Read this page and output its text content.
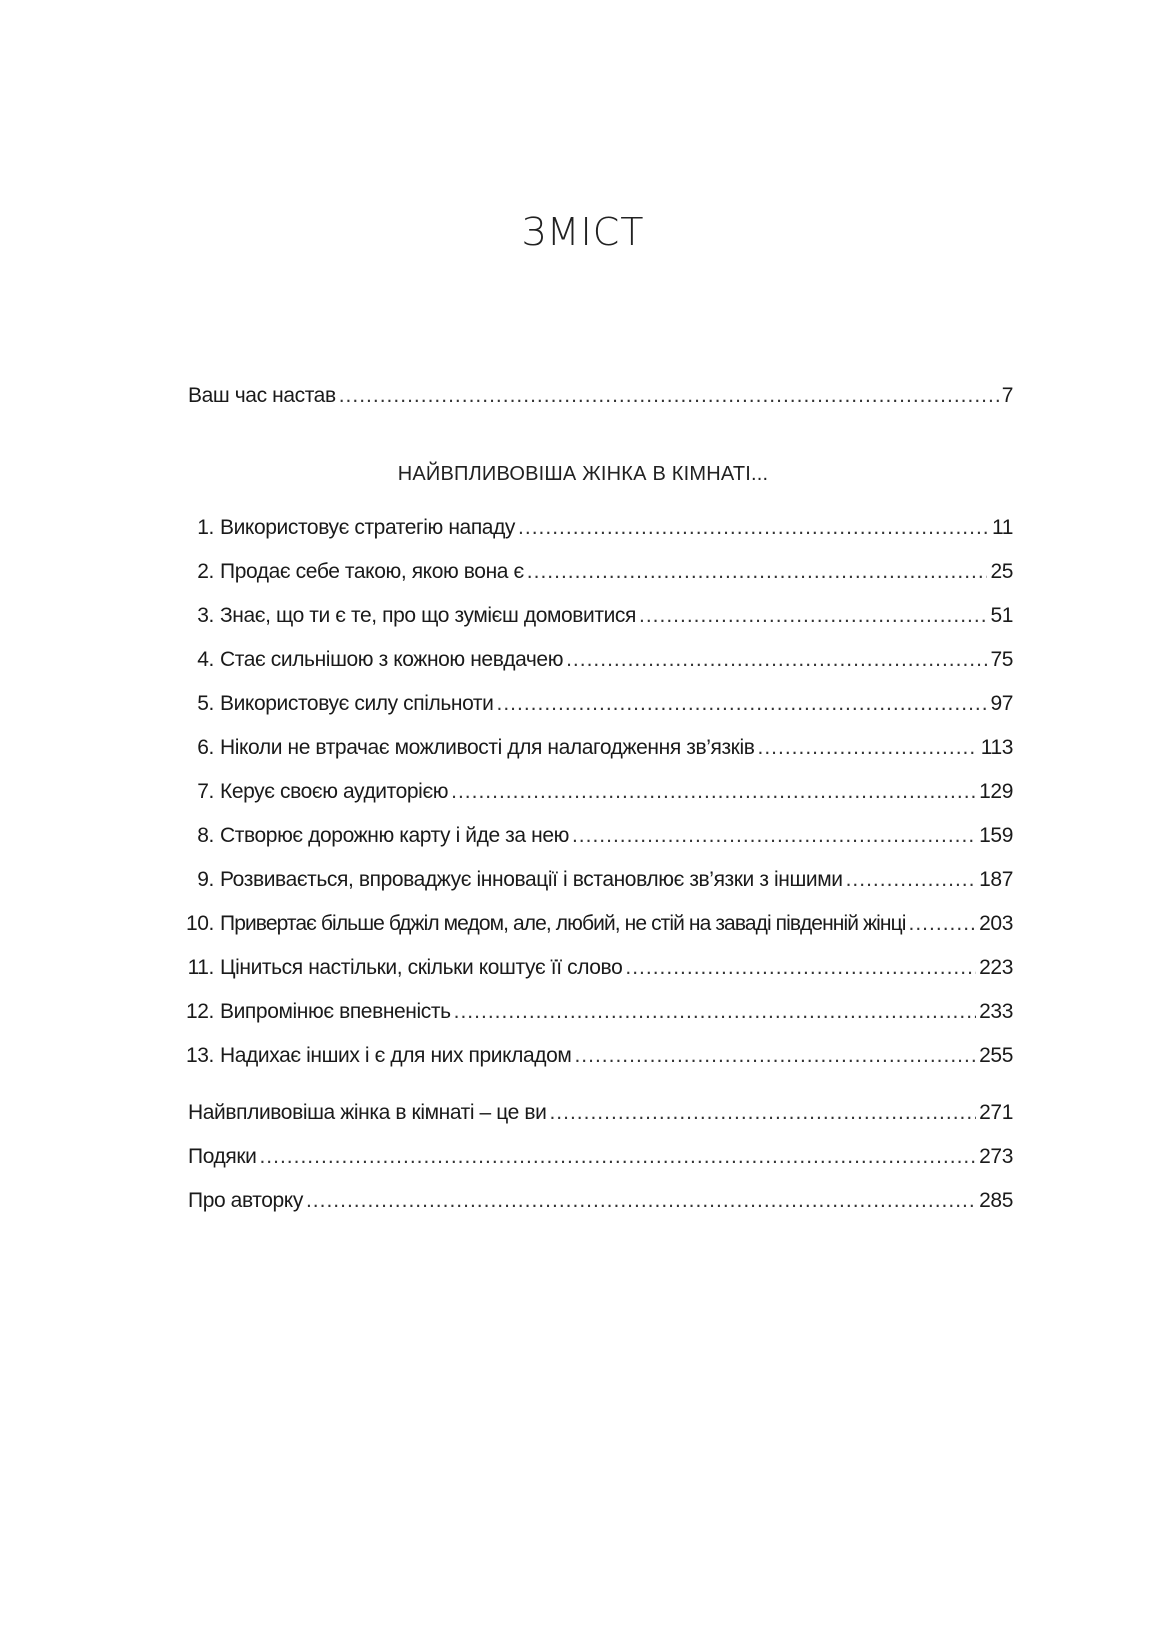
ЗМІСТ
Ваш час настав .....	7
НАЙВПЛИВОВІША ЖІНКА В КІМНАТІ...
1. Використовує стратегію нападу .....	11
2. Продає себе такою, якою вона є .....	25
3. Знає, що ти є те, про що зумієш домовитися .....	51
4. Стає сильнішою з кожною невдачею .....	75
5. Використовує силу спільноти .....	97
6. Ніколи не втрачає можливості для налагодження зв’язків .....	113
7. Керує своєю аудиторією .....	129
8. Створює дорожню карту і йде за нею .....	159
9. Розвивається, впроваджує інновації і встановлює зв’язки з іншими .....	187
10. Привертає більше бджіл медом, але, любий, не стій на заваді південній жінці .....	203
11. Ціниться настільки, скільки коштує її слово .....	223
12. Випромінює впевненість .....	233
13. Надихає інших і є для них прикладом .....	255
Найвпливовіша жінка в кімнаті – це ви .....	271
Подяки .....	273
Про авторку .....	285
